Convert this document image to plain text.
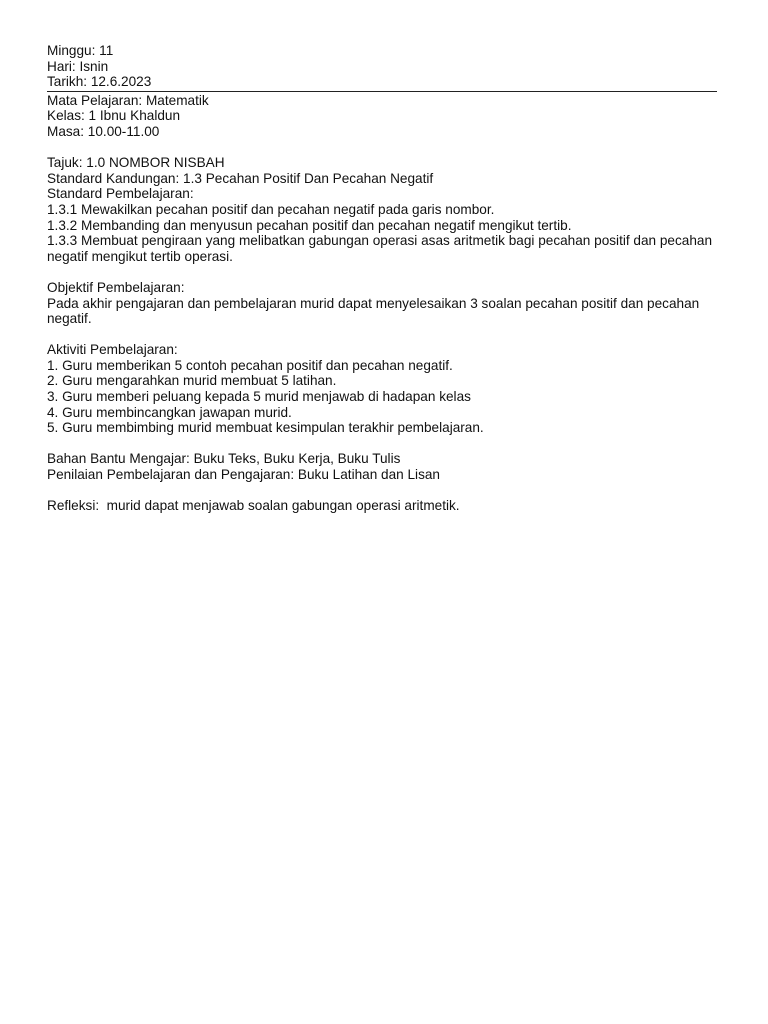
Minggu: 11
Hari: Isnin
Tarikh: 12.6.2023
Mata Pelajaran: Matematik
Kelas: 1 Ibnu Khaldun
Masa: 10.00-11.00
Tajuk: 1.0 NOMBOR NISBAH
Standard Kandungan: 1.3 Pecahan Positif Dan Pecahan Negatif
Standard Pembelajaran:
1.3.1 Mewakilkan pecahan positif dan pecahan negatif pada garis nombor.
1.3.2 Membanding dan menyusun pecahan positif dan pecahan negatif mengikut tertib.
1.3.3 Membuat pengiraan yang melibatkan gabungan operasi asas aritmetik bagi pecahan positif dan pecahan negatif mengikut tertib operasi.
Objektif Pembelajaran:
Pada akhir pengajaran dan pembelajaran murid dapat menyelesaikan 3 soalan pecahan positif dan pecahan negatif.
Aktiviti Pembelajaran:
1. Guru memberikan 5 contoh pecahan positif dan pecahan negatif.
2. Guru mengarahkan murid membuat 5 latihan.
3. Guru memberi peluang kepada 5 murid menjawab di hadapan kelas
4. Guru membincangkan jawapan murid.
5. Guru membimbing murid membuat kesimpulan terakhir pembelajaran.
Bahan Bantu Mengajar: Buku Teks, Buku Kerja, Buku Tulis
Penilaian Pembelajaran dan Pengajaran: Buku Latihan dan Lisan
Refleksi:  murid dapat menjawab soalan gabungan operasi aritmetik.
